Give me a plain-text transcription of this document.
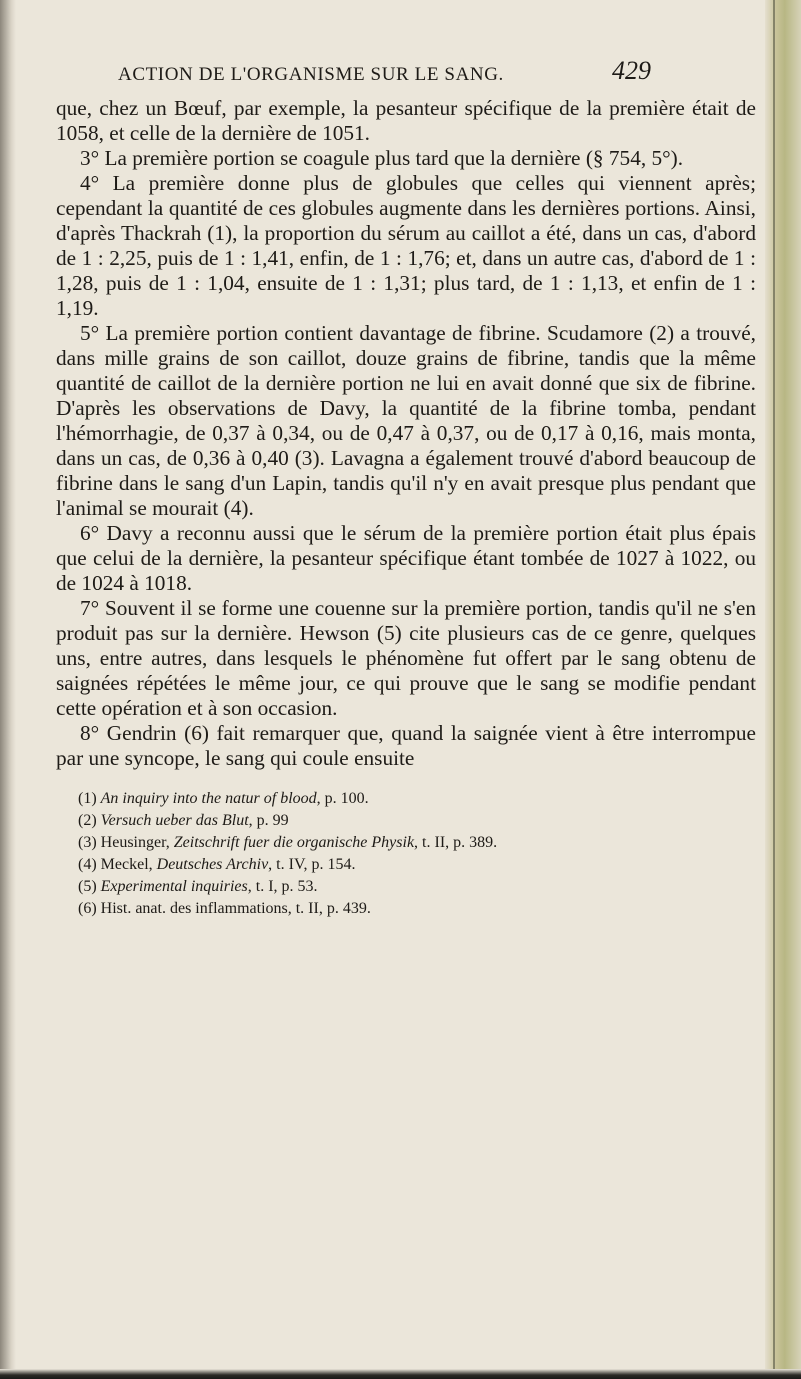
ACTION DE L'ORGANISME SUR LE SANG.	429

que, chez un Bœuf, par exemple, la pesanteur spécifique de la première était de 1058, et celle de la dernière de 1051.

3° La première portion se coagule plus tard que la dernière (§ 754, 5°).

4° La première donne plus de globules que celles qui viennent après; cependant la quantité de ces globules augmente dans les dernières portions. Ainsi, d'après Thackrah (1), la proportion du sérum au caillot a été, dans un cas, d'abord de 1 : 2,25, puis de 1 : 1,41, enfin, de 1 : 1,76; et, dans un autre cas, d'abord de 1 : 1,28, puis de 1 : 1,04, ensuite de 1 : 1,31; plus tard, de 1 : 1,13, et enfin de 1 : 1,19.

5° La première portion contient davantage de fibrine. Scudamore (2) a trouvé, dans mille grains de son caillot, douze grains de fibrine, tandis que la même quantité de caillot de la dernière portion ne lui en avait donné que six de fibrine. D'après les observations de Davy, la quantité de la fibrine tomba, pendant l'hémorrhagie, de 0,37 à 0,34, ou de 0,47 à 0,37, ou de 0,17 à 0,16, mais monta, dans un cas, de 0,36 à 0,40 (3). Lavagna a également trouvé d'abord beaucoup de fibrine dans le sang d'un Lapin, tandis qu'il n'y en avait presque plus pendant que l'animal se mourait (4).

6° Davy a reconnu aussi que le sérum de la première portion était plus épais que celui de la dernière, la pesanteur spécifique étant tombée de 1027 à 1022, ou de 1024 à 1018.

7° Souvent il se forme une couenne sur la première portion, tandis qu'il ne s'en produit pas sur la dernière. Hewson (5) cite plusieurs cas de ce genre, quelques uns, entre autres, dans lesquels le phénomène fut offert par le sang obtenu de saignées répétées le même jour, ce qui prouve que le sang se modifie pendant cette opération et à son occasion.

8° Gendrin (6) fait remarquer que, quand la saignée vient à être interrompue par une syncope, le sang qui coule ensuite

(1) An inquiry into the natur of blood, p. 100.

(2) Versuch ueber das Blut, p. 99

(3) Heusinger, Zeitschrift fuer die organische Physik, t. II, p. 389.

(4) Meckel, Deutsches Archiv, t. IV, p. 154.

(5) Experimental inquiries, t. I, p. 53.

(6) Hist. anat. des inflammations, t. II, p. 439.
